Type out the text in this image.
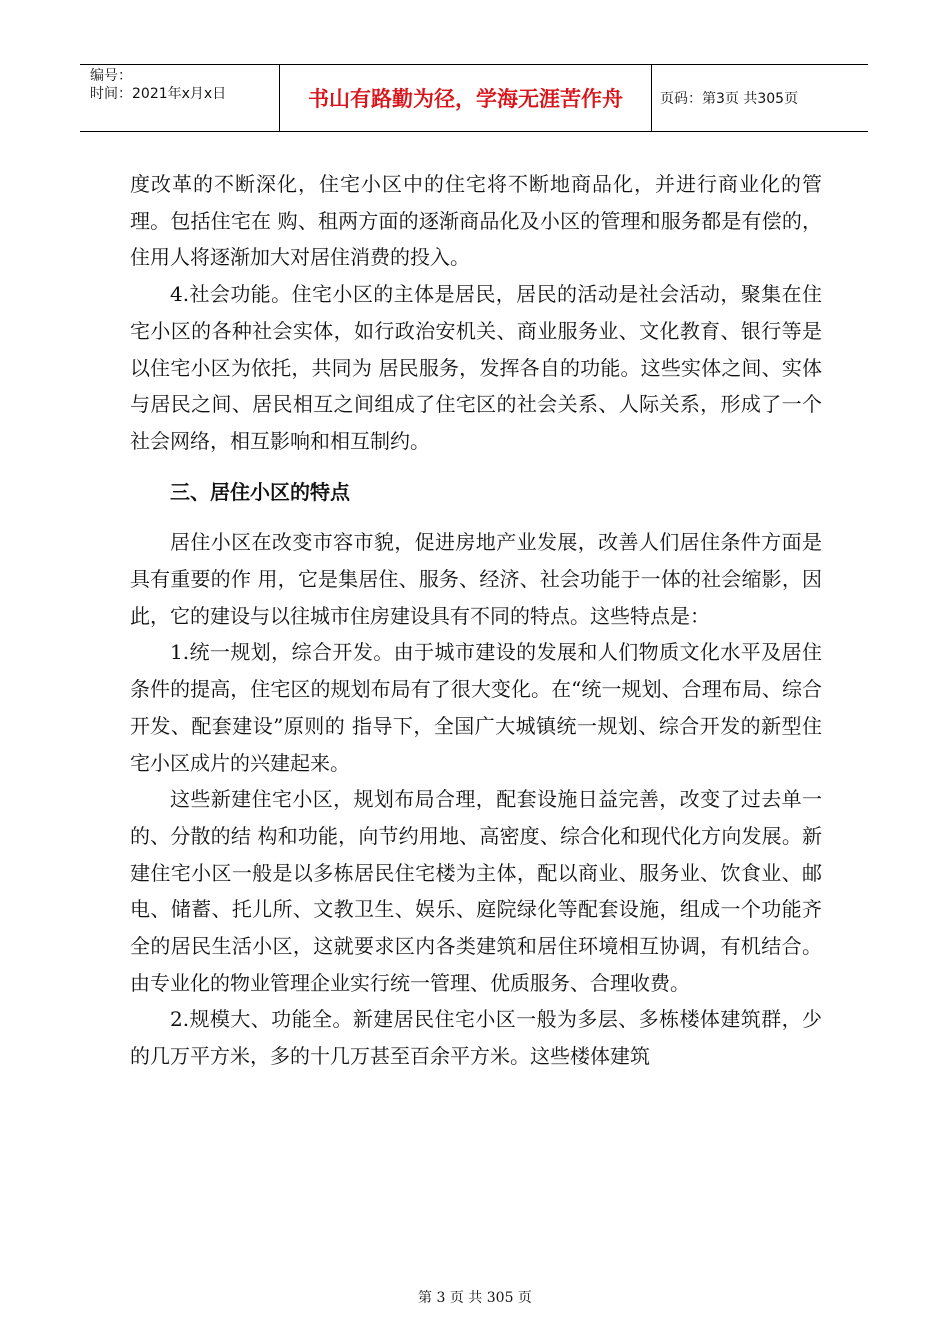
编号：
时间：2021年x月x日	书山有路勤为径，学海无涯苦作舟	页码：第3页 共305页

度改革的不断深化，住宅小区中的住宅将不断地商品化，并进行商业化的管理。包括住宅在 购、租两方面的逐渐商品化及小区的管理和服务都是有偿的，住用人将逐渐加大对居住消费的投入。

4.社会功能。住宅小区的主体是居民，居民的活动是社会活动，聚集在住宅小区的各种社会实体，如行政治安机关、商业服务业、文化教育、银行等是以住宅小区为依托，共同为 居民服务，发挥各自的功能。这些实体之间、实体与居民之间、居民相互之间组成了住宅区的社会关系、人际关系，形成了一个社会网络，相互影响和相互制约。

三、居住小区的特点

居住小区在改变市容市貌，促进房地产业发展，改善人们居住条件方面是具有重要的作 用，它是集居住、服务、经济、社会功能于一体的社会缩影，因此，它的建设与以往城市住房建设具有不同的特点。这些特点是：

1.统一规划，综合开发。由于城市建设的发展和人们物质文化水平及居住条件的提高，住宅区的规划布局有了很大变化。在“统一规划、合理布局、综合开发、配套建设”原则的 指导下，全国广大城镇统一规划、综合开发的新型住宅小区成片的兴建起来。

这些新建住宅小区，规划布局合理，配套设施日益完善，改变了过去单一的、分散的结 构和功能，向节约用地、高密度、综合化和现代化方向发展。新建住宅小区一般是以多栋居民住宅楼为主体，配以商业、服务业、饮食业、邮电、储蓄、托儿所、文教卫生、娱乐、庭院绿化等配套设施，组成一个功能齐全的居民生活小区，这就要求区内各类建筑和居住环境相互协调，有机结合。由专业化的物业管理企业实行统一管理、优质服务、合理收费。

2.规模大、功能全。新建居民住宅小区一般为多层、多栋楼体建筑群，少的几万平方米，多的十几万甚至百余平方米。这些楼体建筑

第 3 页 共 305 页
